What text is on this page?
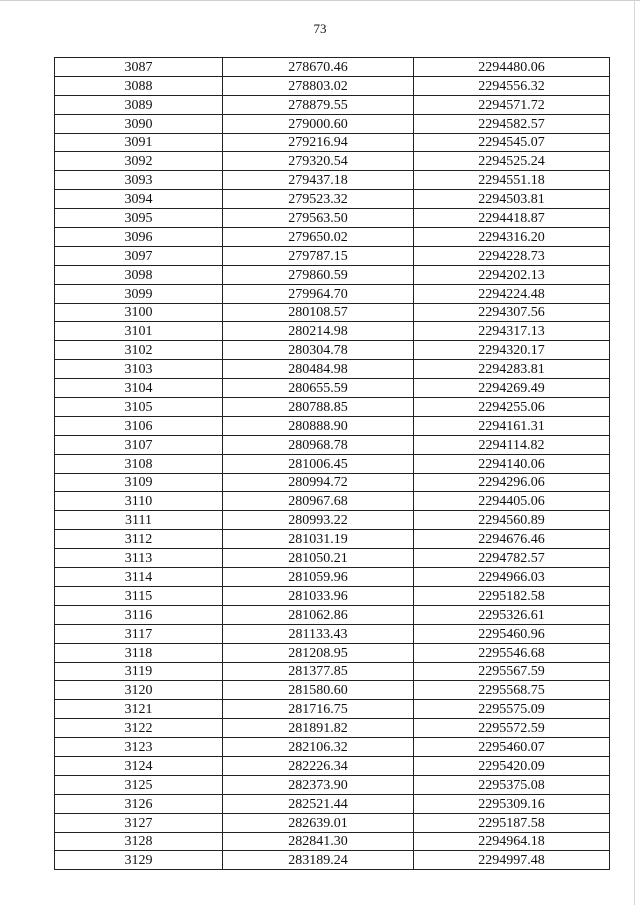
73
3087	278670.46	2294480.06
3088	278803.02	2294556.32
3089	278879.55	2294571.72
3090	279000.60	2294582.57
3091	279216.94	2294545.07
3092	279320.54	2294525.24
3093	279437.18	2294551.18
3094	279523.32	2294503.81
3095	279563.50	2294418.87
3096	279650.02	2294316.20
3097	279787.15	2294228.73
3098	279860.59	2294202.13
3099	279964.70	2294224.48
3100	280108.57	2294307.56
3101	280214.98	2294317.13
3102	280304.78	2294320.17
3103	280484.98	2294283.81
3104	280655.59	2294269.49
3105	280788.85	2294255.06
3106	280888.90	2294161.31
3107	280968.78	2294114.82
3108	281006.45	2294140.06
3109	280994.72	2294296.06
3110	280967.68	2294405.06
3111	280993.22	2294560.89
3112	281031.19	2294676.46
3113	281050.21	2294782.57
3114	281059.96	2294966.03
3115	281033.96	2295182.58
3116	281062.86	2295326.61
3117	281133.43	2295460.96
3118	281208.95	2295546.68
3119	281377.85	2295567.59
3120	281580.60	2295568.75
3121	281716.75	2295575.09
3122	281891.82	2295572.59
3123	282106.32	2295460.07
3124	282226.34	2295420.09
3125	282373.90	2295375.08
3126	282521.44	2295309.16
3127	282639.01	2295187.58
3128	282841.30	2294964.18
3129	283189.24	2294997.48
